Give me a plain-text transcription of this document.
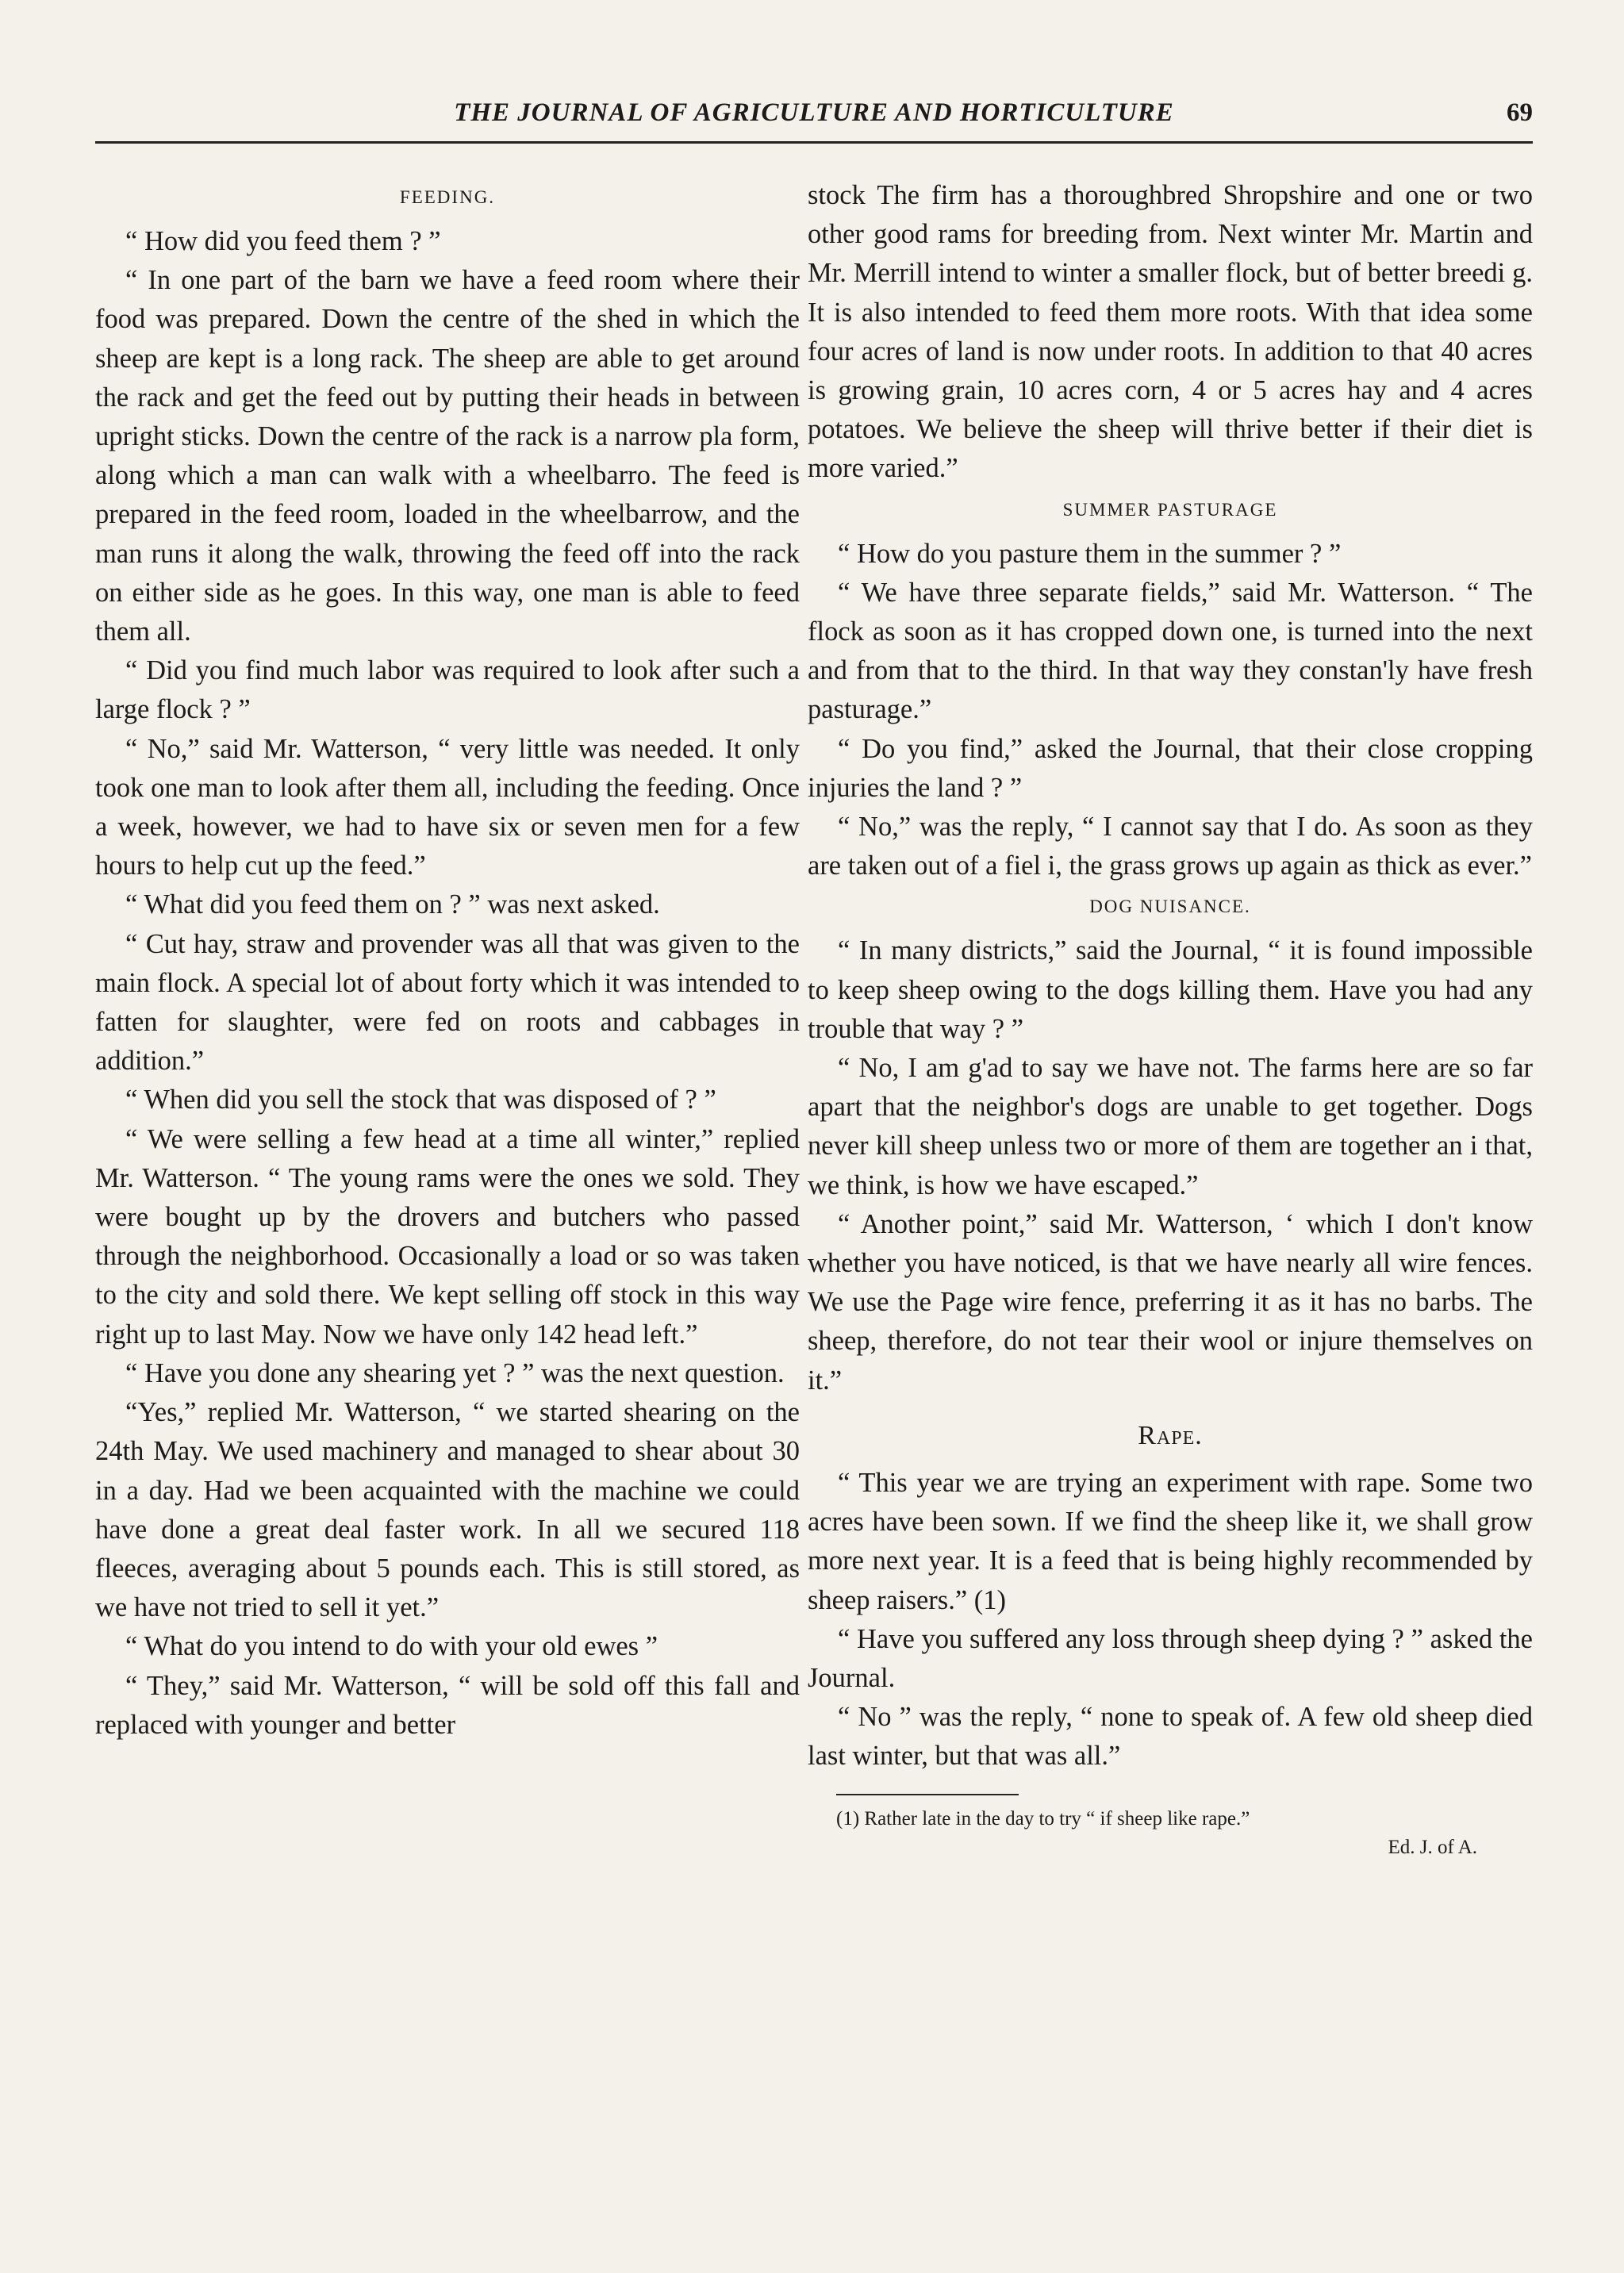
THE JOURNAL OF AGRICULTURE AND HORTICULTURE	69
FEEDING.

“ How did you feed them ? ”

“ In one part of the barn we have a feed room where their food was prepared. Down the centre of the shed in which the sheep are kept is a long rack. The sheep are able to get around the rack and get the feed out by putting their heads in between upright sticks. Down the centre of the rack is a narrow pla form, along which a man can walk with a wheelbarro. The feed is prepared in the feed room, loaded in the wheelbarrow, and the man runs it along the walk, throwing the feed off into the rack on either side as he goes. In this way, one man is able to feed them all.

“ Did you find much labor was required to look after such a large flock ? ”

“ No,” said Mr. Watterson, “ very little was needed. It only took one man to look after them all, including the feeding. Once a week, however, we had to have six or seven men for a few hours to help cut up the feed.”

“ What did you feed them on ? ” was next asked.

“ Cut hay, straw and provender was all that was given to the main flock. A special lot of about forty which it was intended to fatten for slaughter, were fed on roots and cabbages in addition.”

“ When did you sell the stock that was disposed of ? ”

“ We were selling a few head at a time all winter,” replied Mr. Watterson. “ The young rams were the ones we sold. They were bought up by the drovers and butchers who passed through the neighborhood. Occasionally a load or so was taken to the city and sold there. We kept selling off stock in this way right up to last May. Now we have only 142 head left.”

“ Have you done any shearing yet ? ” was the next question.

“Yes,” replied Mr. Watterson, “ we started shearing on the 24th May. We used machinery and managed to shear about 30 in a day. Had we been acquainted with the machine we could have done a great deal faster work. In all we secured 118 fleeces, averaging about 5 pounds each. This is still stored, as we have not tried to sell it yet.”

“ What do you intend to do with your old ewes ”

“ They,” said Mr. Watterson, “ will be sold off this fall and replaced with younger and better

stock The firm has a thoroughbred Shropshire and one or two other good rams for breeding from. Next winter Mr. Martin and Mr. Merrill intend to winter a smaller flock, but of better breedi g. It is also intended to feed them more roots. With that idea some four acres of land is now under roots. In addition to that 40 acres is growing grain, 10 acres corn, 4 or 5 acres hay and 4 acres potatoes. We believe the sheep will thrive better if their diet is more varied.”

SUMMER PASTURAGE

“ How do you pasture them in the summer ? ”

“ We have three separate fields,” said Mr. Watterson. “ The flock as soon as it has cropped down one, is turned into the next and from that to the third. In that way they constan'ly have fresh pasturage.”

“ Do you find,” asked the Journal, that their close cropping injuries the land ? ”

“ No,” was the reply, “ I cannot say that I do. As soon as they are taken out of a fiel i, the grass grows up again as thick as ever.”

DOG NUISANCE.

“ In many districts,” said the Journal, “ it is found impossible to keep sheep owing to the dogs killing them. Have you had any trouble that way ? ”

“ No, I am g'ad to say we have not. The farms here are so far apart that the neighbor's dogs are unable to get together. Dogs never kill sheep unless two or more of them are together an i that, we think, is how we have escaped.”

“ Another point,” said Mr. Watterson, ‘ which I don't know whether you have noticed, is that we have nearly all wire fences. We use the Page wire fence, preferring it as it has no barbs. The sheep, therefore, do not tear their wool or injure themselves on it.”

Rape.

“ This year we are trying an experiment with rape. Some two acres have been sown. If we find the sheep like it, we shall grow more next year. It is a feed that is being highly recommended by sheep raisers.” (1)

“ Have you suffered any loss through sheep dying ? ” asked the Journal.

“ No ” was the reply, “ none to speak of. A few old sheep died last winter, but that was all.”

(1) Rather late in the day to try “ if sheep like rape.”
Ed. J. of A.
